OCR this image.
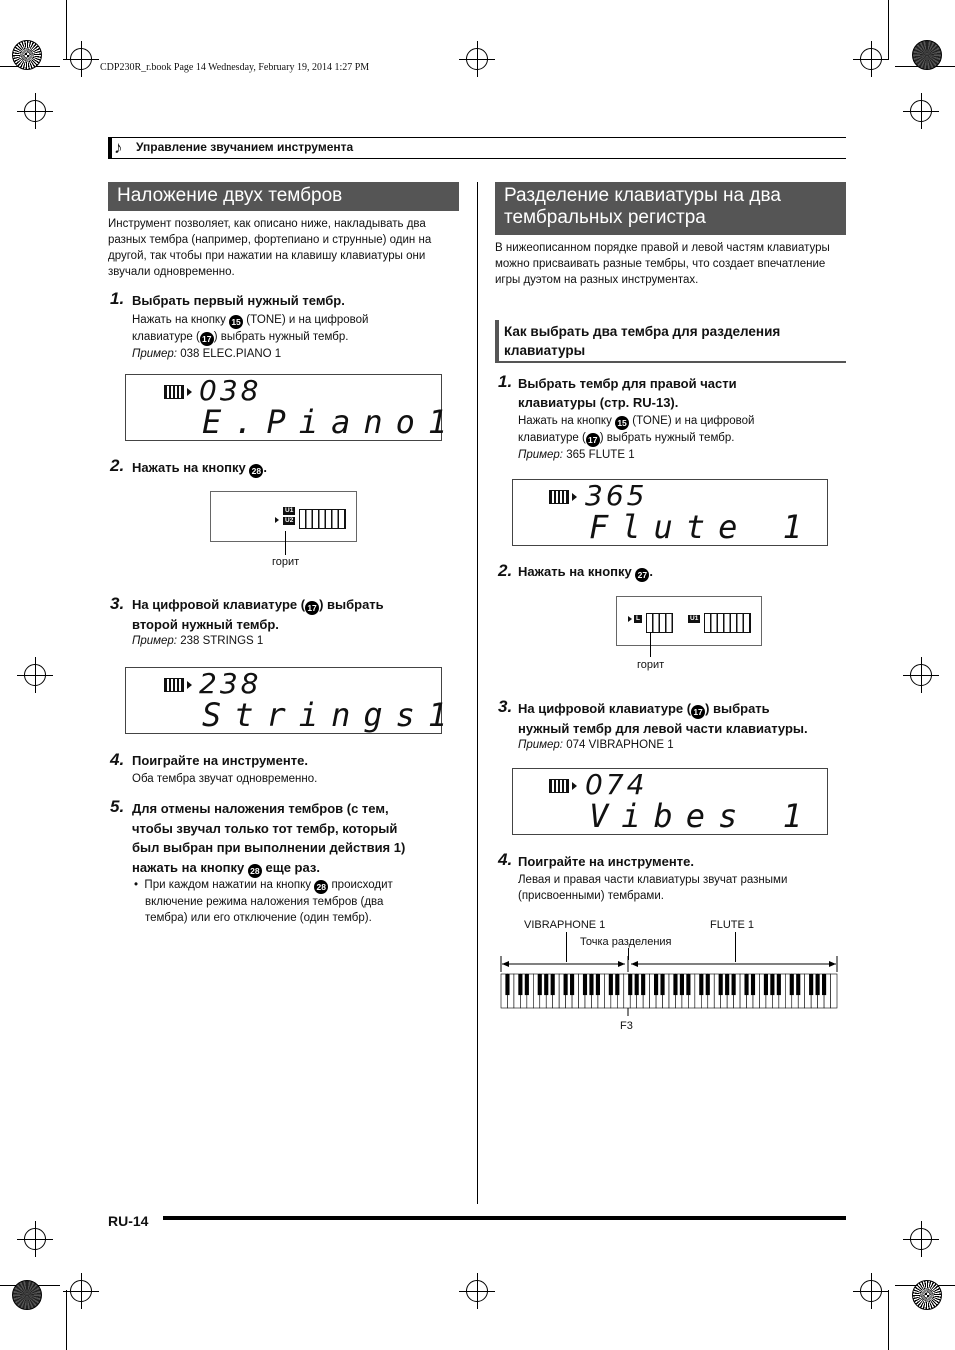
CDP230R_r.book Page 14 Wednesday, February 19, 2014 1:27 PM
♪ Управление звучанием инструмента
Наложение двух тембров
Инструмент позволяет, как описано ниже, накладывать два разных тембра (например, фортепиано и струнные) один на другой, так чтобы при нажатии на клавишу клавиатуры они звучали одновременно.
1. Выбрать первый нужный тембр.
Нажать на кнопку 15 (TONE) и на цифровой
клавиатуре ( 17 ) выбрать нужный тембр.
Пример: 038 ELEC.PIANO 1
038
E.Piano1
2. Нажать на кнопку 28 .
U1
U2
горит
3. На цифровой клавиатуре ( 17 ) выбрать
второй нужный тембр.
Пример: 238 STRINGS 1
238
Strings1
4. Поиграйте на инструменте.
Оба тембра звучат одновременно.
5. Для отмены наложения тембров (с тем,
чтобы звучал только тот тембр, который
был выбран при выполнении действия 1)
нажать на кнопку 28 еще раз.
• При каждом нажатии на кнопку 28 происходит
включение режима наложения тембров (два
тембра) или его отключение (один тембр).
Разделение клавиатуры на два
тембральных регистра
В нижеописанном порядке правой и левой частям клавиатуры можно присваивать разные тембры, что создает впечатление игры дуэтом на разных инструментах.
Как выбрать два тембра для разделения
клавиатуры
1. Выбрать тембр для правой части
клавиатуры (стр. RU-13).
Нажать на кнопку 15 (TONE) и на цифровой
клавиатуре ( 17 ) выбрать нужный тембр.
Пример: 365 FLUTE 1
365
Flute 1
2. Нажать на кнопку 27 .
L	U1
горит
3. На цифровой клавиатуре ( 17 ) выбрать
нужный тембр для левой части клавиатуры.
Пример: 074 VIBRAPHONE 1
074
Vibes 1
4. Поиграйте на инструменте.
Левая и правая части клавиатуры звучат разными
(присвоенными) тембрами.
VIBRAPHONE 1	FLUTE 1
Точка разделения
F3
RU-14
